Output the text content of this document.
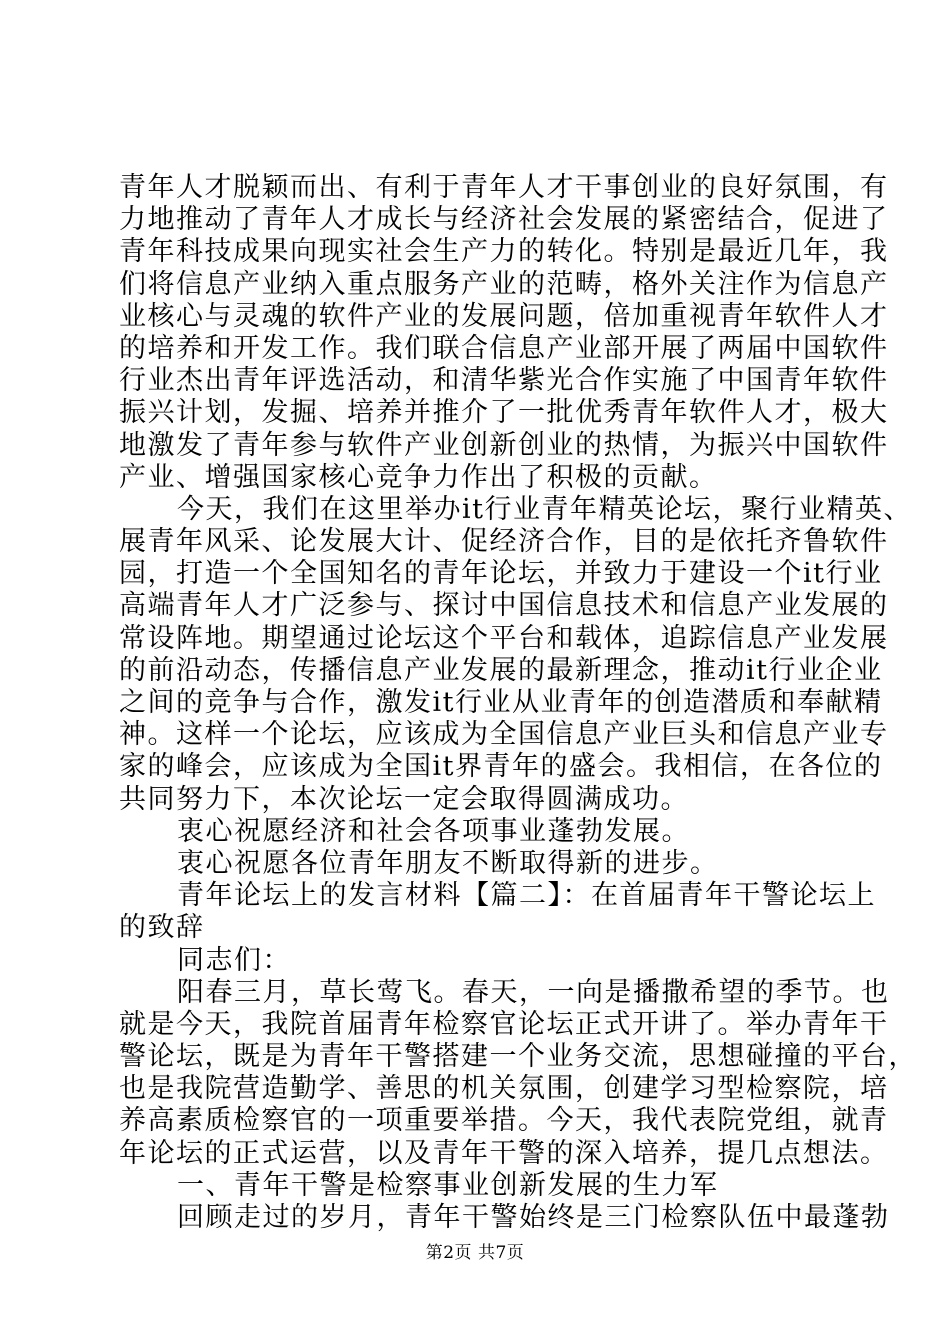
青年人才脱颖而出、有利于青年人才干事创业的良好氛围，有
力地推动了青年人才成长与经济社会发展的紧密结合，促进了
青年科技成果向现实社会生产力的转化。特别是最近几年，我
们将信息产业纳入重点服务产业的范畴，格外关注作为信息产
业核心与灵魂的软件产业的发展问题，倍加重视青年软件人才
的培养和开发工作。我们联合信息产业部开展了两届中国软件
行业杰出青年评选活动，和清华紫光合作实施了中国青年软件
振兴计划，发掘、培养并推介了一批优秀青年软件人才，极大
地激发了青年参与软件产业创新创业的热情，为振兴中国软件
产业、增强国家核心竞争力作出了积极的贡献。
今天，我们在这里举办it行业青年精英论坛，聚行业精英、
展青年风采、论发展大计、促经济合作，目的是依托齐鲁软件
园，打造一个全国知名的青年论坛，并致力于建设一个it行业
高端青年人才广泛参与、探讨中国信息技术和信息产业发展的
常设阵地。期望通过论坛这个平台和载体，追踪信息产业发展
的前沿动态，传播信息产业发展的最新理念，推动it行业企业
之间的竞争与合作，激发it行业从业青年的创造潜质和奉献精
神。这样一个论坛，应该成为全国信息产业巨头和信息产业专
家的峰会，应该成为全国it界青年的盛会。我相信，在各位的
共同努力下，本次论坛一定会取得圆满成功。
衷心祝愿经济和社会各项事业蓬勃发展。
衷心祝愿各位青年朋友不断取得新的进步。
青年论坛上的发言材料【篇二】：在首届青年干警论坛上
的致辞
同志们：
阳春三月，草长莺飞。春天，一向是播撒希望的季节。也
就是今天，我院首届青年检察官论坛正式开讲了。举办青年干
警论坛，既是为青年干警搭建一个业务交流，思想碰撞的平台，
也是我院营造勤学、善思的机关氛围，创建学习型检察院，培
养高素质检察官的一项重要举措。今天，我代表院党组，就青
年论坛的正式运营，以及青年干警的深入培养，提几点想法。
一、青年干警是检察事业创新发展的生力军
回顾走过的岁月，青年干警始终是三门检察队伍中最蓬勃
第2页 共7页
